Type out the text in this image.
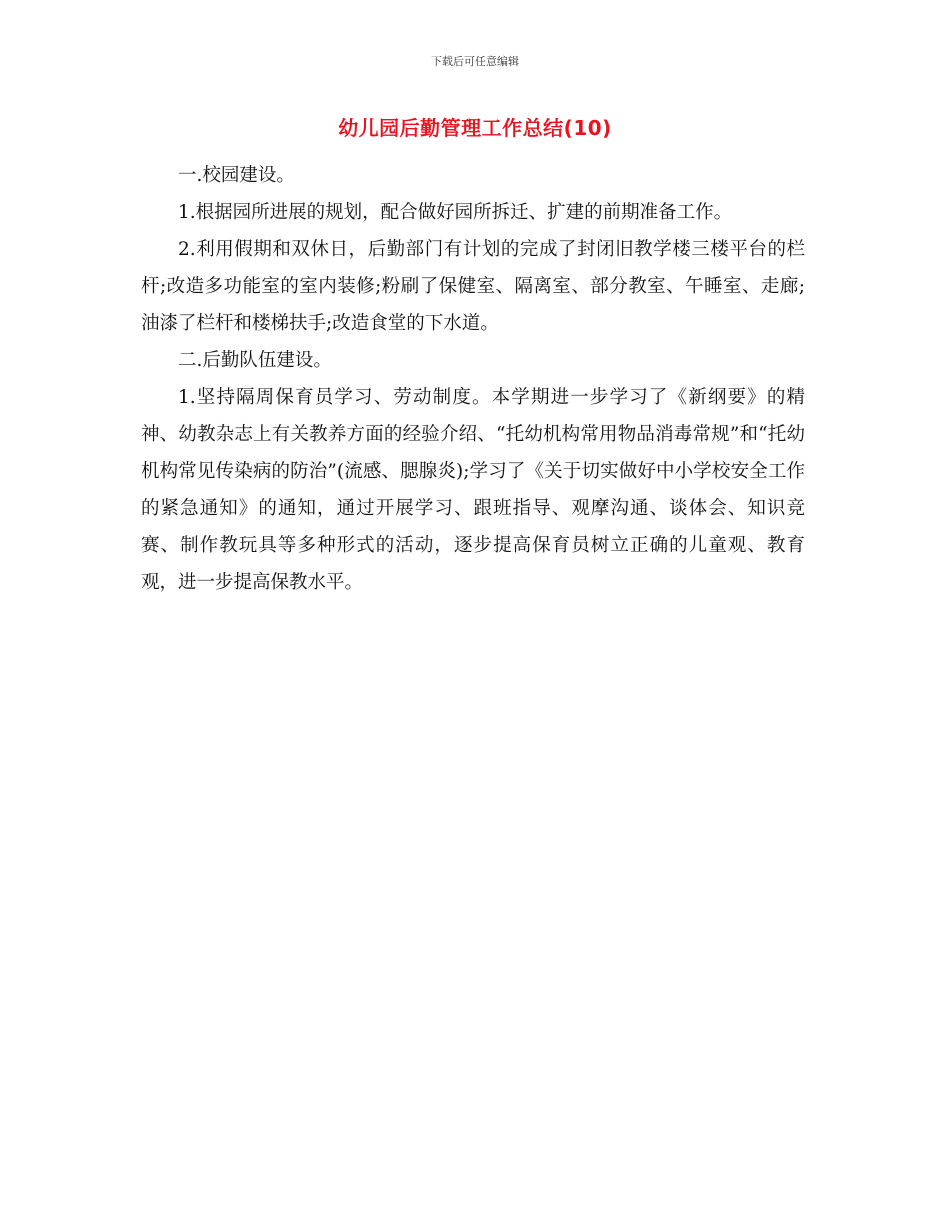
下载后可任意编辑

幼儿园后勤管理工作总结(10)

一.校园建设。

1.根据园所进展的规划，配合做好园所拆迁、扩建的前期准备工作。

2.利用假期和双休日，后勤部门有计划的完成了封闭旧教学楼三楼平台的栏杆;改造多功能室的室内装修;粉刷了保健室、隔离室、部分教室、午睡室、走廊;油漆了栏杆和楼梯扶手;改造食堂的下水道。

二.后勤队伍建设。

1.坚持隔周保育员学习、劳动制度。本学期进一步学习了《新纲要》的精神、幼教杂志上有关教养方面的经验介绍、“托幼机构常用物品消毒常规”和“托幼机构常见传染病的防治”(流感、腮腺炎);学习了《关于切实做好中小学校安全工作的紧急通知》的通知，通过开展学习、跟班指导、观摩沟通、谈体会、知识竞赛、制作教玩具等多种形式的活动，逐步提高保育员树立正确的儿童观、教育观，进一步提高保教水平。
